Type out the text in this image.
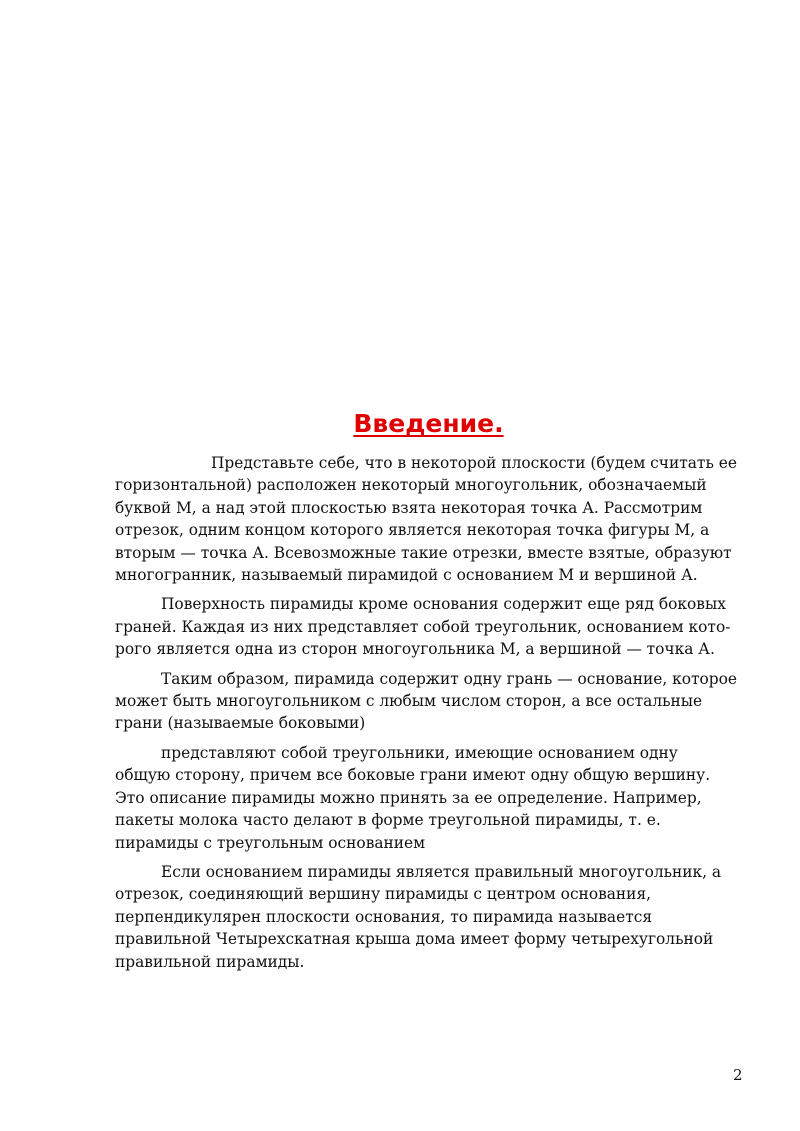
Введение.

Представьте себе, что в некоторой плоскости (будем считать ее
горизонтальной) расположен некоторый многоугольник, обозначаемый
буквой М, а над этой плоскостью взята некоторая точка А. Рассмотрим
отрезок, одним концом которого является некоторая точка фигуры М, а
вторым — точка А. Всевозможные такие отрезки, вместе взятые, образуют
многогранник, называемый пирамидой с основанием М и вершиной А.

Поверхность пирамиды кроме основания содержит еще ряд боковых
граней. Каждая из них представляет собой треугольник, основанием кото-
рого является одна из сторон многоугольника М, а вершиной — точка А.

Таким образом, пирамида содержит одну грань — основание, которое
может быть многоугольником с любым числом сторон, а все остальные
грани (называемые боковыми)

представляют собой треугольники, имеющие основанием одну
общую сторону, причем все боковые грани имеют одну общую вершину.
Это описание пирамиды можно принять за ее определение. Например,
пакеты молока часто делают в форме треугольной пирамиды, т. е.
пирамиды с треугольным основанием

Если основанием пирамиды является правильный многоугольник, а
отрезок, соединяющий вершину пирамиды с центром основания,
перпендикулярен плоскости основания, то пирамида называется
правильной Четырехскатная крыша дома имеет форму четырехугольной
правильной пирамиды.

2
